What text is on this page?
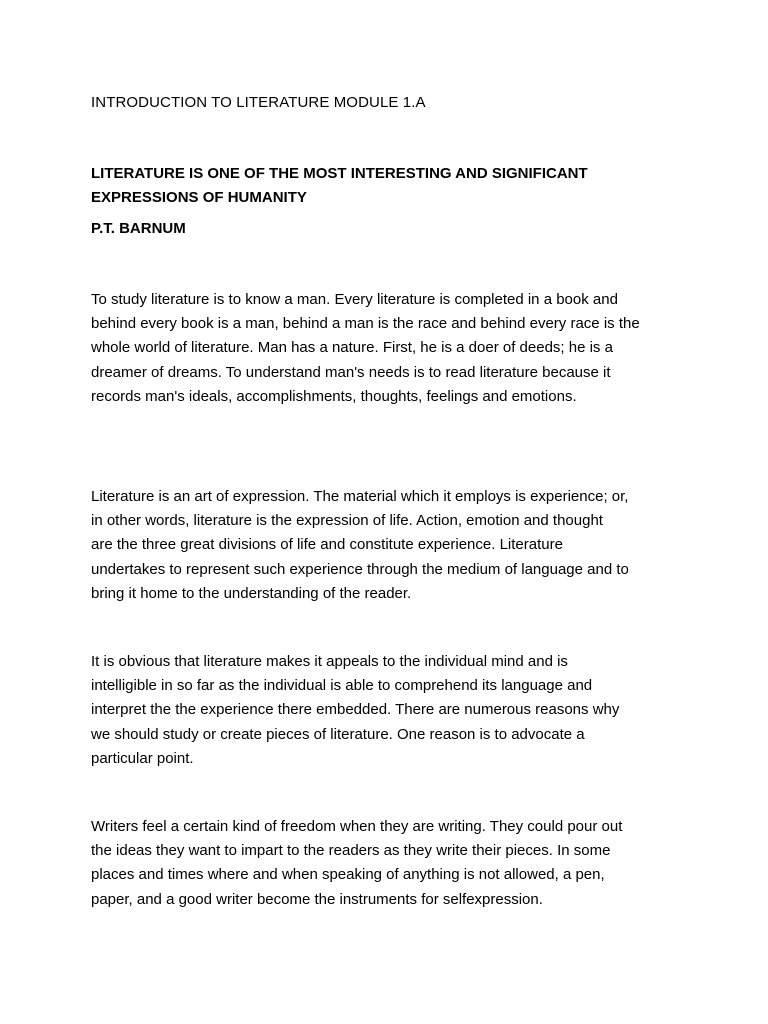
INTRODUCTION TO LITERATURE MODULE 1.A
LITERATURE IS ONE OF THE MOST INTERESTING AND SIGNIFICANT EXPRESSIONS OF HUMANITY

P.T. BARNUM

To study literature is to know a man. Every literature is completed in a book and
behind every book is a man, behind a man is the race and behind every race is the
whole world of literature. Man has a nature. First, he is a doer of deeds; he is a
dreamer of dreams. To understand man's needs is to read literature because it
records man's ideals, accomplishments, thoughts, feelings and emotions.
Literature is an art of expression. The material which it employs is experience; or,
in other words, literature is the expression of life. Action, emotion and thought
are the three great divisions of life and constitute experience. Literature
undertakes to represent such experience through the medium of language and to
bring it home to the understanding of the reader.
It is obvious that literature makes it appeals to the individual mind and is
intelligible in so far as the individual is able to comprehend its language and
interpret the the experience there embedded. There are numerous reasons why
we should study or create pieces of literature. One reason is to advocate a
particular point.
Writers feel a certain kind of freedom when they are writing. They could pour out
the ideas they want to impart to the readers as they write their pieces. In some
places and times where and when speaking of anything is not allowed, a pen,
paper, and a good writer become the instruments for selfexpression.
